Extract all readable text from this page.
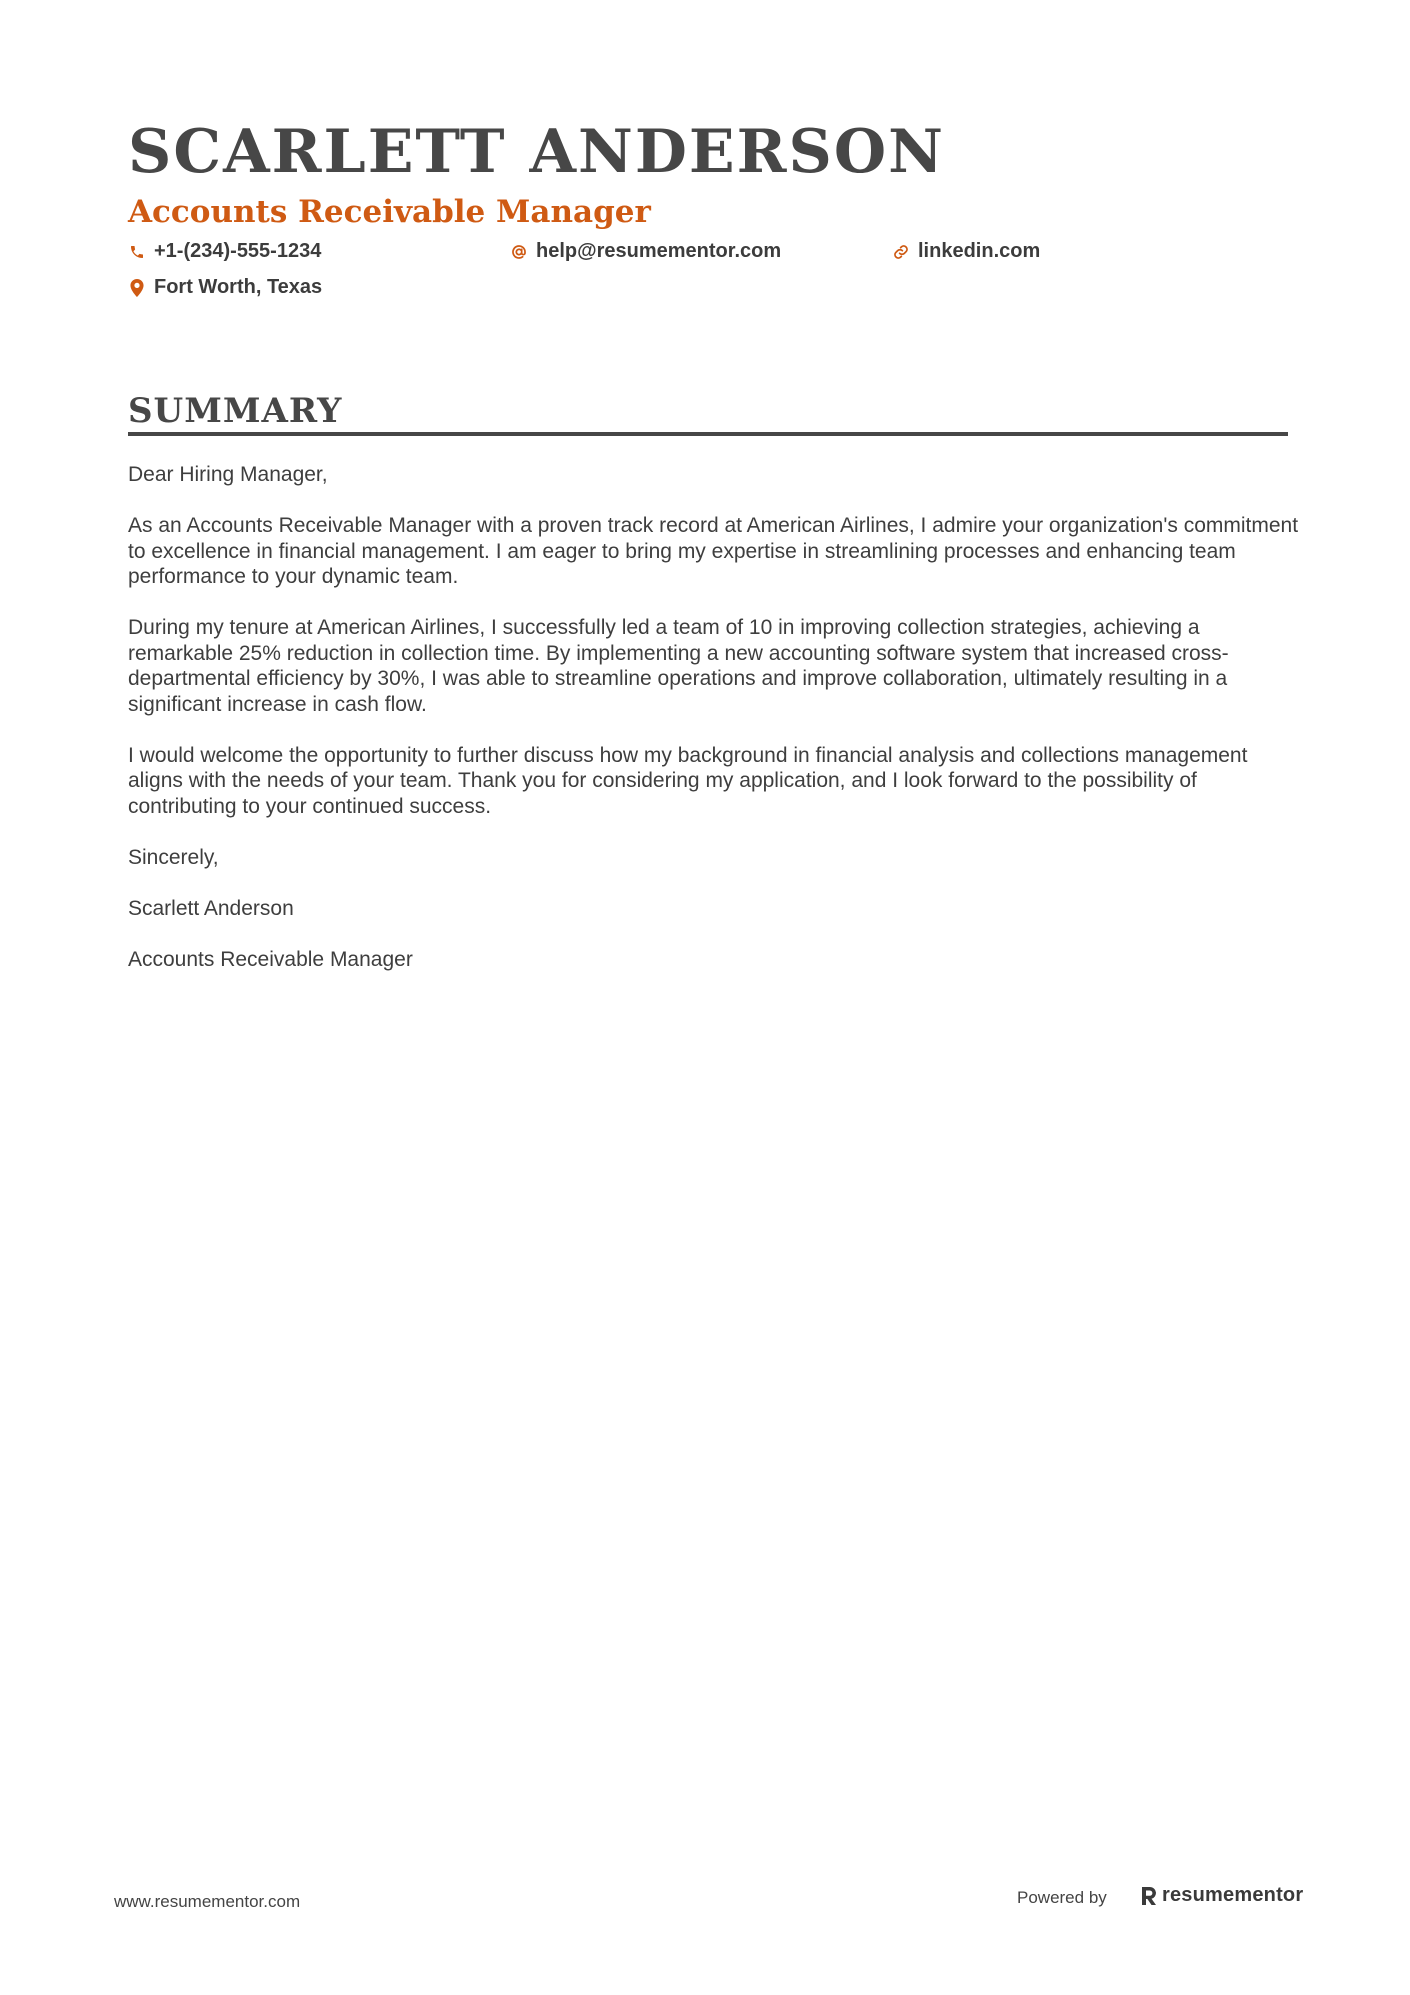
SCARLETT ANDERSON
Accounts Receivable Manager
+1-(234)-555-1234	help@resumementor.com	linkedin.com
Fort Worth, Texas
SUMMARY

Dear Hiring Manager,

As an Accounts Receivable Manager with a proven track record at American Airlines, I admire your organization's commitment to excellence in financial management. I am eager to bring my expertise in streamlining processes and enhancing team performance to your dynamic team.

During my tenure at American Airlines, I successfully led a team of 10 in improving collection strategies, achieving a remarkable 25% reduction in collection time. By implementing a new accounting software system that increased cross-departmental efficiency by 30%, I was able to streamline operations and improve collaboration, ultimately resulting in a significant increase in cash flow.

I would welcome the opportunity to further discuss how my background in financial analysis and collections management aligns with the needs of your team. Thank you for considering my application, and I look forward to the possibility of contributing to your continued success.

Sincerely,

Scarlett Anderson

Accounts Receivable Manager

www.resumementor.com	Powered by	resumementor
